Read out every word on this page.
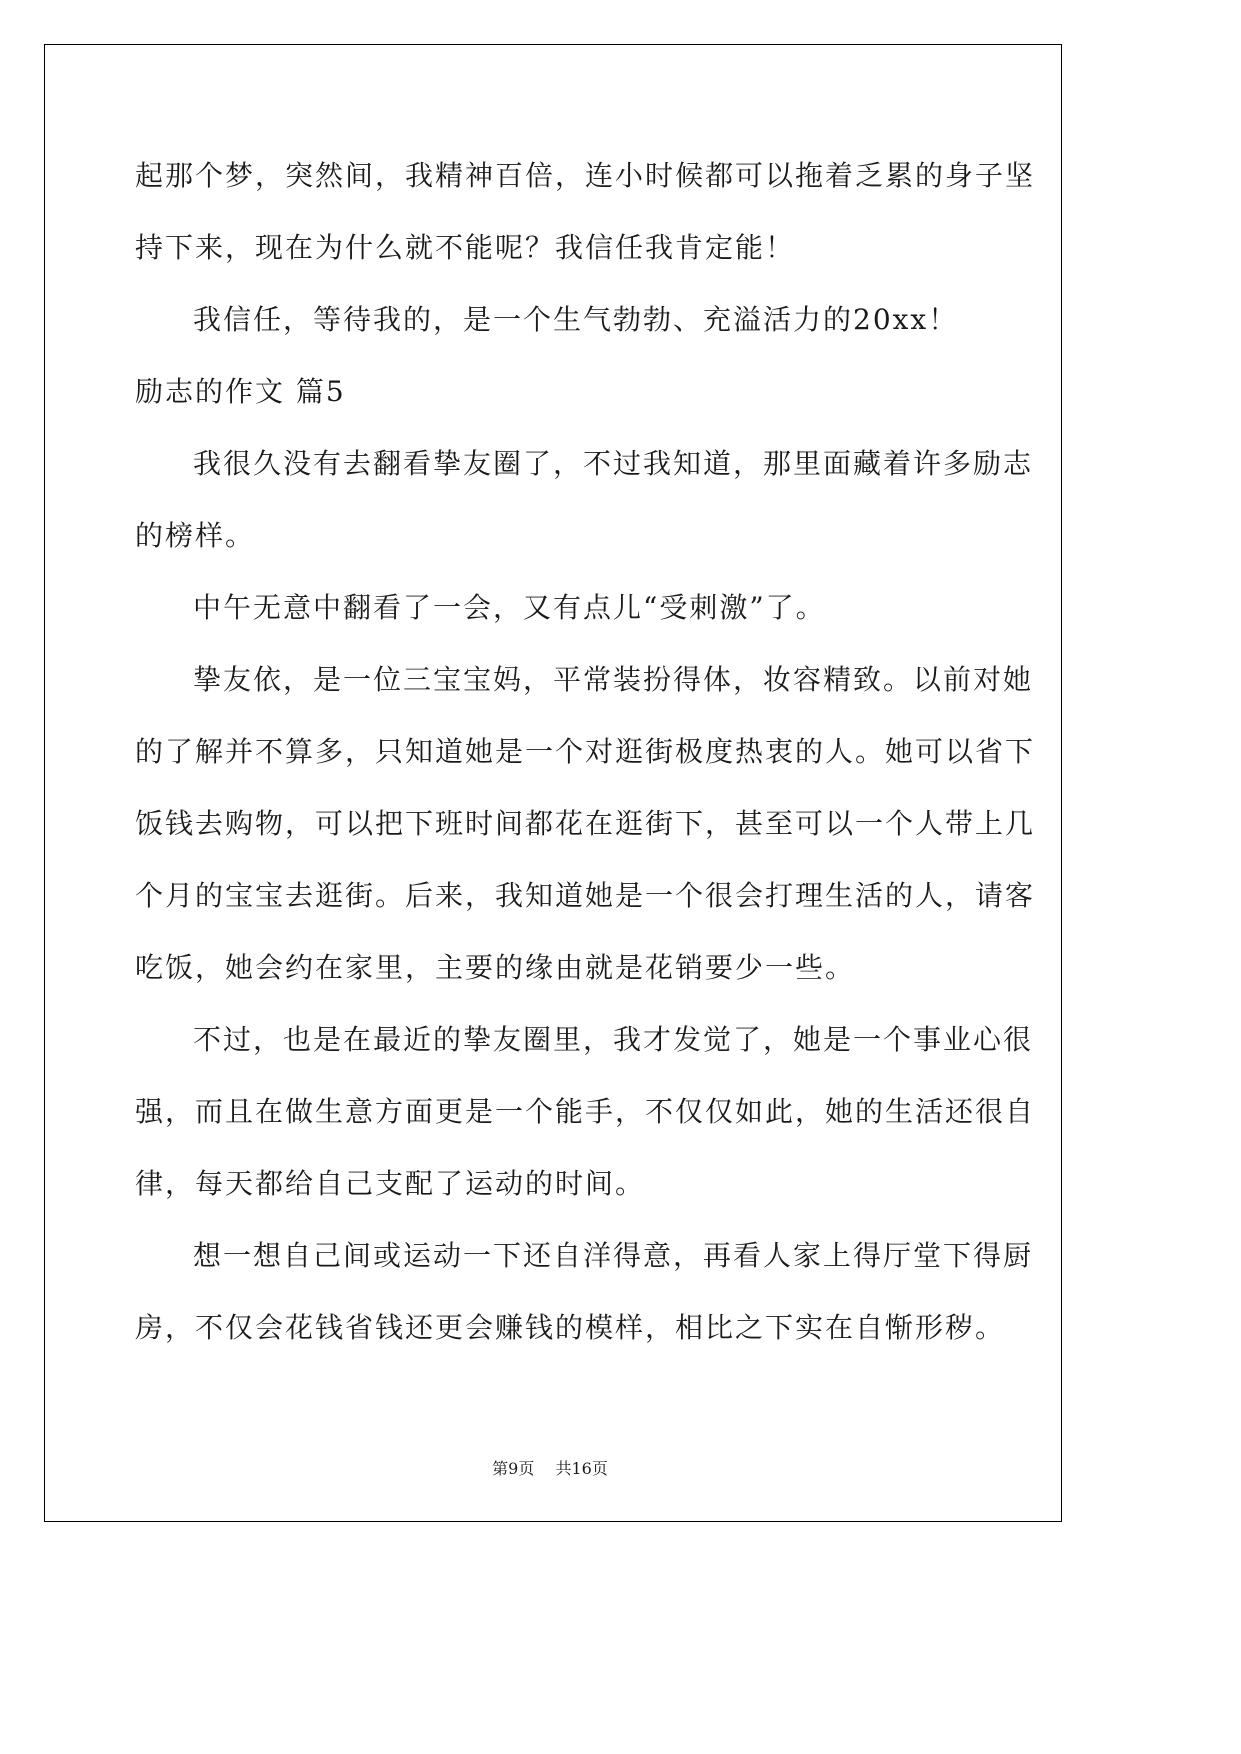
起那个梦，突然间，我精神百倍，连小时候都可以拖着乏累的身子坚
持下来，现在为什么就不能呢？我信任我肯定能！
我信任，等待我的，是一个生气勃勃、充溢活力的20xx！
励志的作文 篇5
我很久没有去翻看挚友圈了，不过我知道，那里面藏着许多励志
的榜样。
中午无意中翻看了一会，又有点儿“受刺激”了。
挚友依，是一位三宝宝妈，平常装扮得体，妆容精致。以前对她
的了解并不算多，只知道她是一个对逛街极度热衷的人。她可以省下
饭钱去购物，可以把下班时间都花在逛街下，甚至可以一个人带上几
个月的宝宝去逛街。后来，我知道她是一个很会打理生活的人，请客
吃饭，她会约在家里，主要的缘由就是花销要少一些。
不过，也是在最近的挚友圈里，我才发觉了，她是一个事业心很
强，而且在做生意方面更是一个能手，不仅仅如此，她的生活还很自
律，每天都给自己支配了运动的时间。
想一想自己间或运动一下还自洋得意，再看人家上得厅堂下得厨
房，不仅会花钱省钱还更会赚钱的模样，相比之下实在自惭形秽。
第9页 共16页
